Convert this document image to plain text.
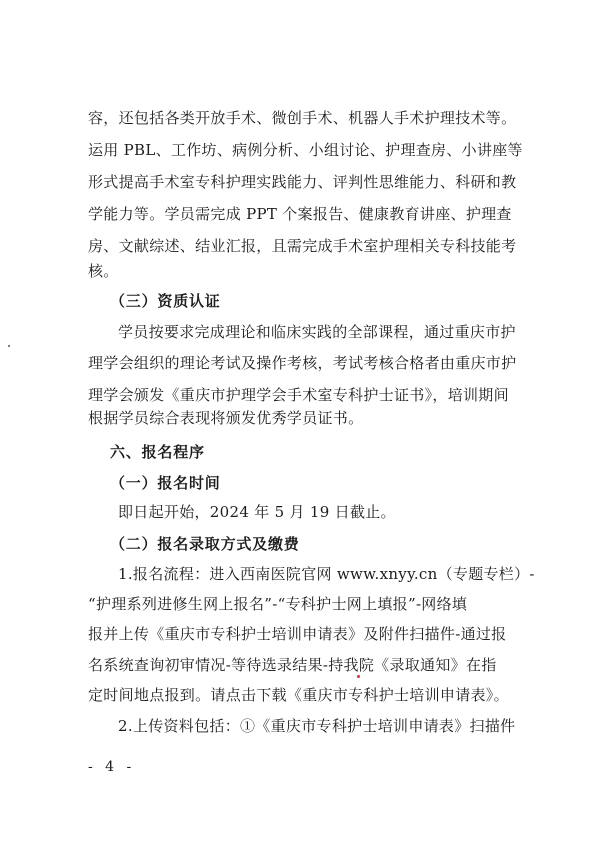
容，还包括各类开放手术、微创手术、机器人手术护理技术等。
运用 PBL、工作坊、病例分析、小组讨论、护理查房、小讲座等
形式提高手术室专科护理实践能力、评判性思维能力、科研和教
学能力等。学员需完成 PPT 个案报告、健康教育讲座、护理查
房、文献综述、结业汇报，且需完成手术室护理相关专科技能考
核。
（三）资质认证
学员按要求完成理论和临床实践的全部课程，通过重庆市护
理学会组织的理论考试及操作考核，考试考核合格者由重庆市护
理学会颁发《重庆市护理学会手术室专科护士证书》，培训期间
根据学员综合表现将颁发优秀学员证书。
六、报名程序
（一）报名时间
即日起开始，2024 年 5 月 19 日截止。
（二）报名录取方式及缴费
1.报名流程：进入西南医院官网 www.xnyy.cn（专题专栏）-
“护理系列进修生网上报名”-“专科护士网上填报”-网络填
报并上传《重庆市专科护士培训申请表》及附件扫描件-通过报
名系统查询初审情况-等待选录结果-持我院《录取通知》在指
定时间地点报到。请点击下载《重庆市专科护士培训申请表》。
2.上传资料包括：①《重庆市专科护士培训申请表》扫描件
- 4 -
